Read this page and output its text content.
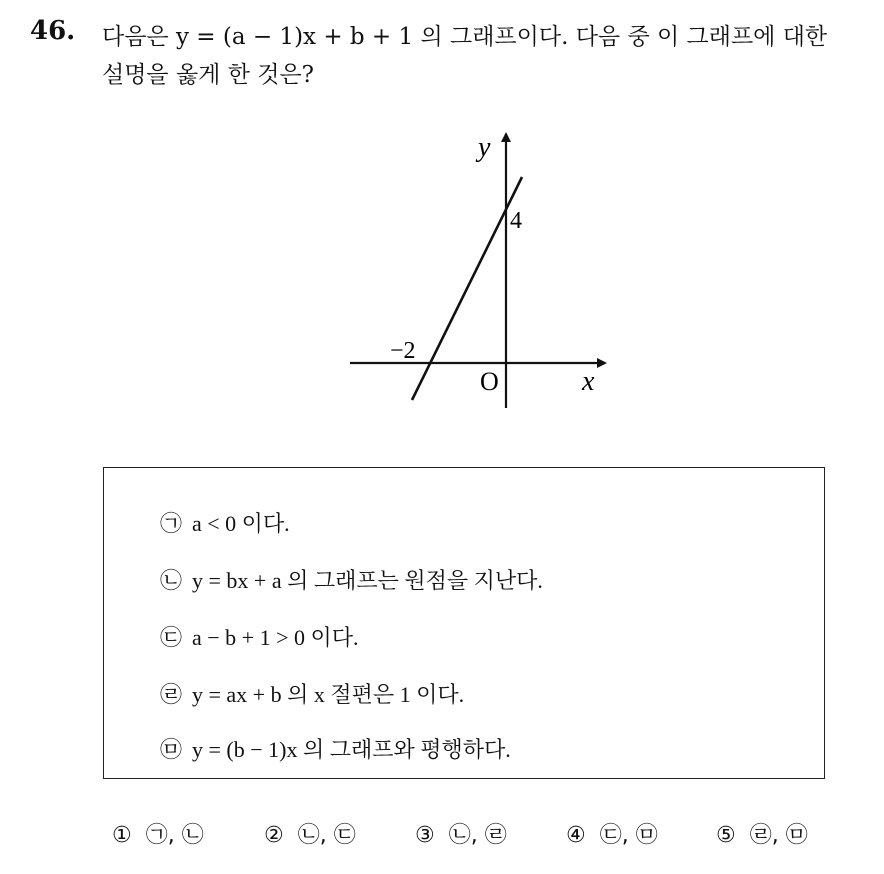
46. 다음은 y = (a − 1)x + b + 1 의 그래프이다. 다음 중 이 그래프에 대한
설명을 옳게 한 것은?
y
x
O
4
−2
㉠ a < 0 이다.
㉡ y = bx + a 의 그래프는 원점을 지난다.
㉢ a − b + 1 > 0 이다.
㉣ y = ax + b 의 x 절편은 1 이다.
㉤ y = (b − 1)x 의 그래프와 평행하다.
① ㉠, ㉡	② ㉡, ㉢	③ ㉡, ㉣	④ ㉢, ㉤	⑤ ㉣, ㉤
